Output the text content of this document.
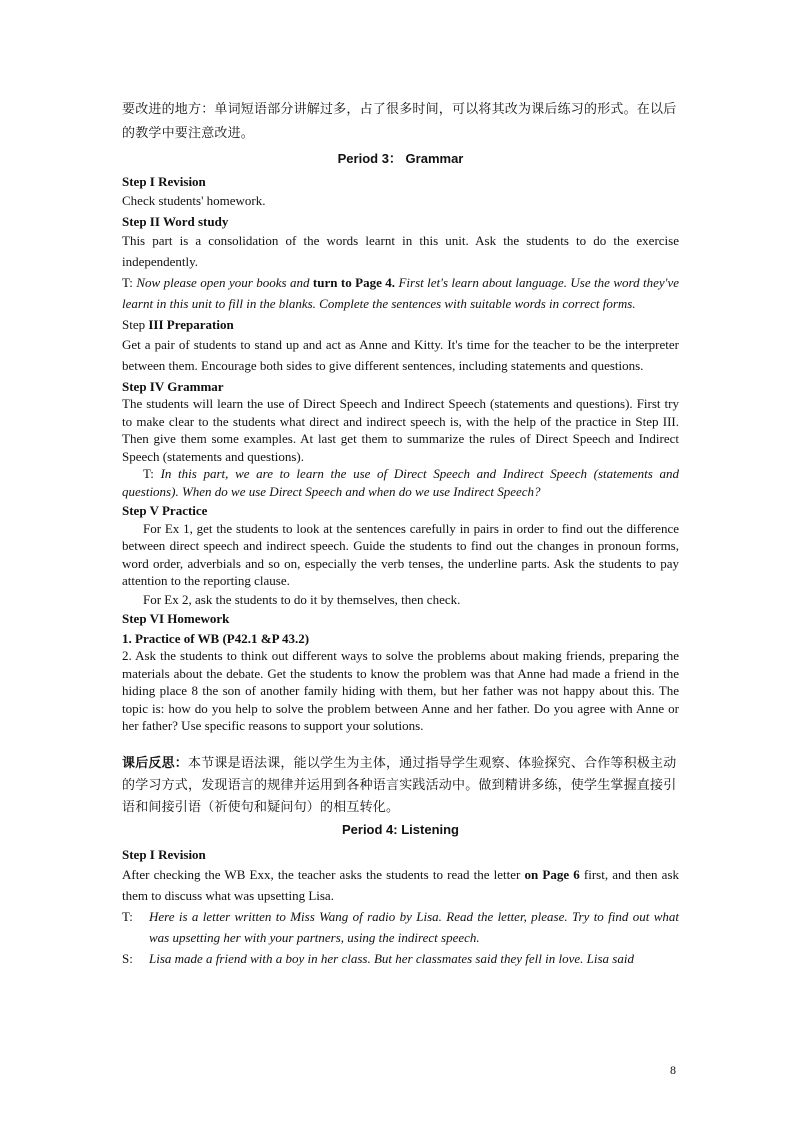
要改进的地方：单词短语部分讲解过多，占了很多时间，可以将其改为课后练习的形式。在以后的教学中要注意改进。
Period 3： Grammar
Step I Revision
Check students' homework.
Step II Word study
This part is a consolidation of the words learnt in this unit. Ask the students to do the exercise independently.
T: Now please open your books and turn to Page 4. First let's learn about language. Use the word they've learnt in this unit to fill in the blanks. Complete the sentences with suitable words in correct forms.
Step III Preparation
Get a pair of students to stand up and act as Anne and Kitty. It's time for the teacher to be the interpreter between them. Encourage both sides to give different sentences, including statements and questions.
Step IV Grammar
The students will learn the use of Direct Speech and Indirect Speech (statements and questions). First try to make clear to the students what direct and indirect speech is, with the help of the practice in Step III. Then give them some examples. At last get them to summarize the rules of Direct Speech and Indirect Speech (statements and questions).
T: In this part, we are to learn the use of Direct Speech and Indirect Speech (statements and questions). When do we use Direct Speech and when do we use Indirect Speech?
Step V Practice
For Ex 1, get the students to look at the sentences carefully in pairs in order to find out the difference between direct speech and indirect speech. Guide the students to find out the changes in pronoun forms, word order, adverbials and so on, especially the verb tenses, the underline parts. Ask the students to pay attention to the reporting clause.
For Ex 2, ask the students to do it by themselves, then check.
Step VI Homework
1. Practice of WB (P42.1 &P 43.2)
2. Ask the students to think out different ways to solve the problems about making friends, preparing the materials about the debate. Get the students to know the problem was that Anne had made a friend in the hiding place 8 the son of another family hiding with them, but her father was not happy about this. The topic is: how do you help to solve the problem between Anne and her father. Do you agree with Anne or her father? Use specific reasons to support your solutions.
课后反思：本节课是语法课，能以学生为主体，通过指导学生观察、体验探究、合作等积极主动的学习方式，发现语言的规律并运用到各种语言实践活动中。做到精讲多练，使学生掌握直接引语和间接引语（祈使句和疑问句）的相互转化。
Period 4: Listening
Step I Revision
After checking the WB Exx, the teacher asks the students to read the letter on Page 6 first, and then ask them to discuss what was upsetting Lisa.
T:	Here is a letter written to Miss Wang of radio by Lisa. Read the letter, please. Try to find out what was upsetting her with your partners, using the indirect speech.
S:	Lisa made a friend with a boy in her class. But her classmates said they fell in love. Lisa said
8
